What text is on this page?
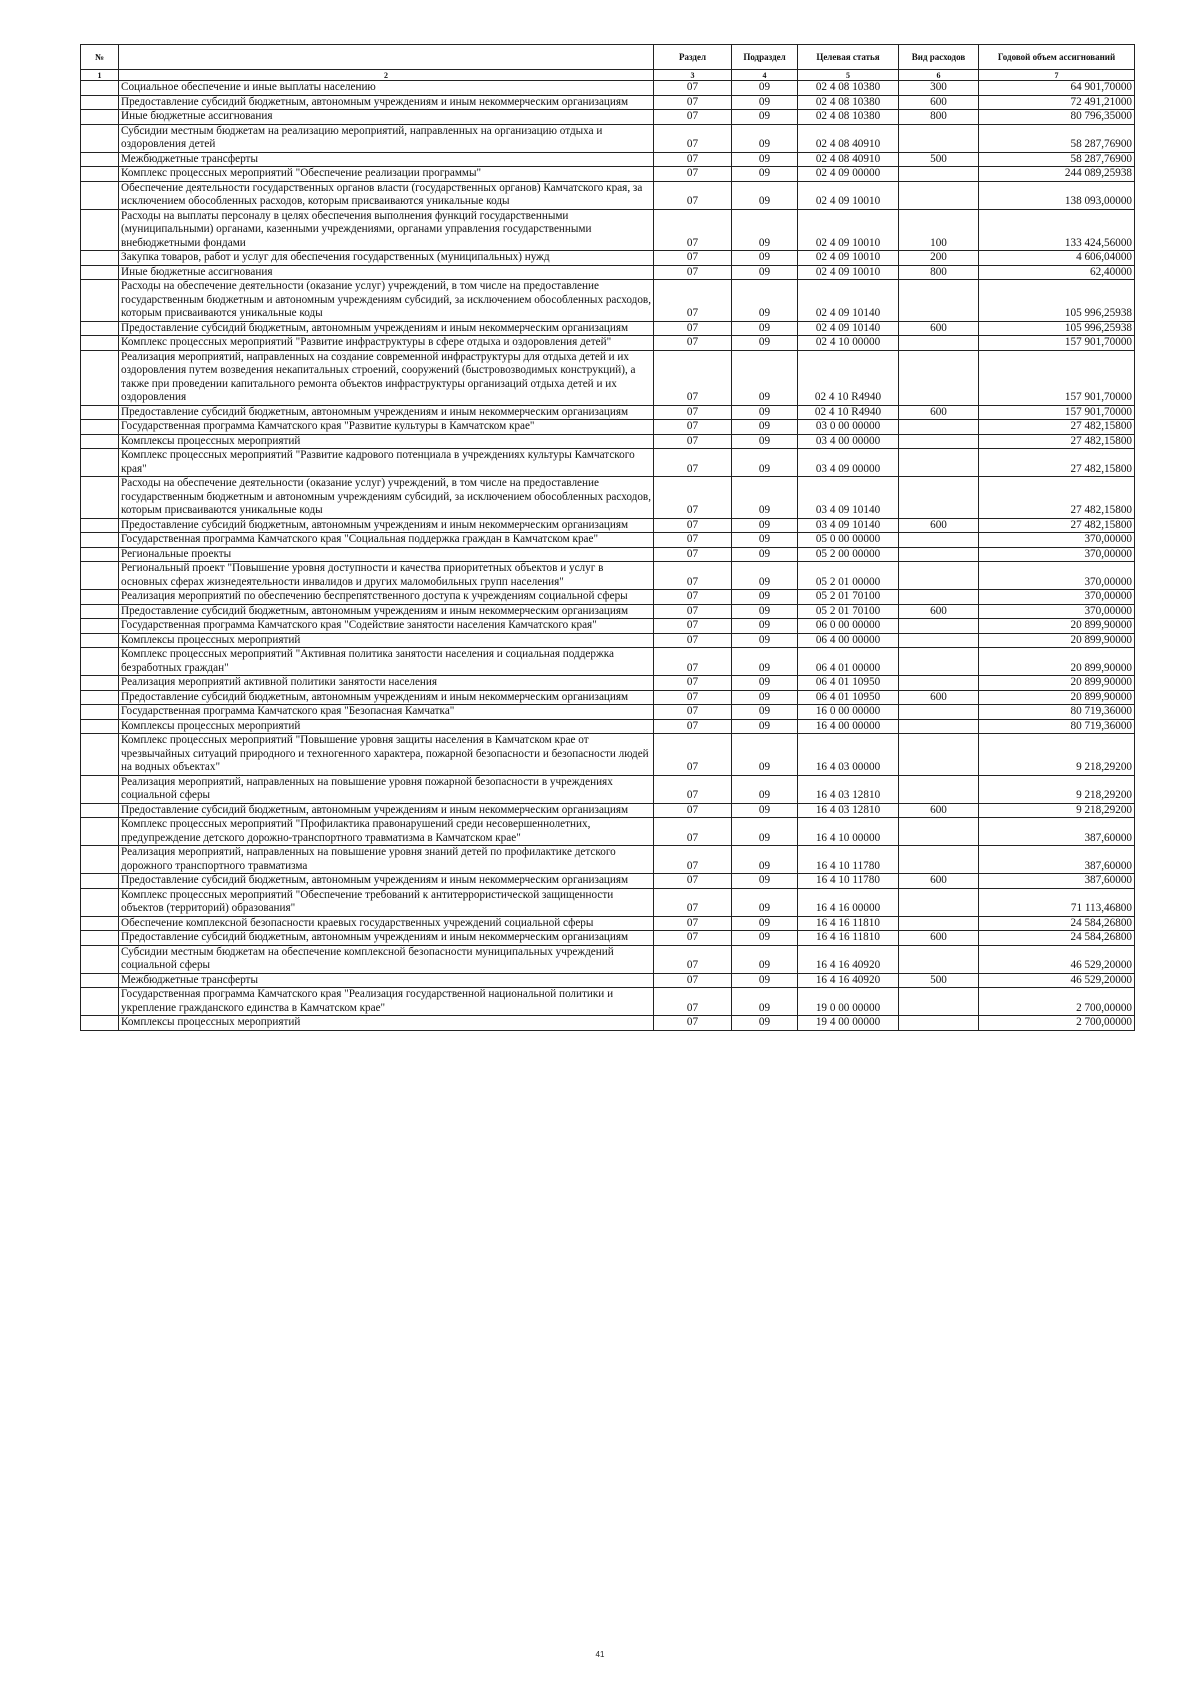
№		Раздел	Подраздел	Целевая статья	Вид расходов	Годовой объем ассигнований
1	2	3	4	5	6	7
	Социальное обеспечение и иные выплаты населению	07	09	02 4 08 10380	300	64 901,70000
	Предоставление субсидий бюджетным, автономным учреждениям и иным некоммерческим организациям	07	09	02 4 08 10380	600	72 491,21000
	Иные бюджетные ассигнования	07	09	02 4 08 10380	800	80 796,35000
	Субсидии местным бюджетам на реализацию мероприятий, направленных на организацию отдыха и оздоровления детей	07	09	02 4 08 40910		58 287,76900
	Межбюджетные трансферты	07	09	02 4 08 40910	500	58 287,76900
	Комплекс процессных мероприятий "Обеспечение реализации программы"	07	09	02 4 09 00000		244 089,25938
	Обеспечение деятельности государственных органов власти (государственных органов) Камчатского края, за исключением обособленных расходов, которым присваиваются уникальные коды	07	09	02 4 09 10010		138 093,00000
	Расходы на выплаты персоналу в целях обеспечения выполнения функций государственными (муниципальными) органами, казенными учреждениями, органами управления государственными внебюджетными фондами	07	09	02 4 09 10010	100	133 424,56000
	Закупка товаров, работ и услуг для обеспечения государственных (муниципальных) нужд	07	09	02 4 09 10010	200	4 606,04000
	Иные бюджетные ассигнования	07	09	02 4 09 10010	800	62,40000
	Расходы на обеспечение деятельности (оказание услуг) учреждений, в том числе на предоставление государственным бюджетным и автономным учреждениям субсидий, за исключением обособленных расходов, которым присваиваются уникальные коды	07	09	02 4 09 10140		105 996,25938
	Предоставление субсидий бюджетным, автономным учреждениям и иным некоммерческим организациям	07	09	02 4 09 10140	600	105 996,25938
	Комплекс процессных мероприятий "Развитие инфраструктуры в сфере отдыха и оздоровления детей"	07	09	02 4 10 00000		157 901,70000
	Реализация мероприятий, направленных на создание современной инфраструктуры для отдыха детей и их оздоровления путем возведения некапитальных строений, сооружений (быстровозводимых конструкций), а также при проведении капитального ремонта объектов инфраструктуры организаций отдыха детей и их оздоровления	07	09	02 4 10 R4940		157 901,70000
	Предоставление субсидий бюджетным, автономным учреждениям и иным некоммерческим организациям	07	09	02 4 10 R4940	600	157 901,70000
	Государственная программа Камчатского края "Развитие культуры в Камчатском крае"	07	09	03 0 00 00000		27 482,15800
	Комплексы процессных мероприятий	07	09	03 4 00 00000		27 482,15800
	Комплекс процессных мероприятий "Развитие кадрового потенциала в учреждениях культуры Камчатского края"	07	09	03 4 09 00000		27 482,15800
	Расходы на обеспечение деятельности (оказание услуг) учреждений, в том числе на предоставление государственным бюджетным и автономным учреждениям субсидий, за исключением обособленных расходов, которым присваиваются уникальные коды	07	09	03 4 09 10140		27 482,15800
	Предоставление субсидий бюджетным, автономным учреждениям и иным некоммерческим организациям	07	09	03 4 09 10140	600	27 482,15800
	Государственная программа Камчатского края "Социальная поддержка граждан в Камчатском крае"	07	09	05 0 00 00000		370,00000
	Региональные проекты	07	09	05 2 00 00000		370,00000
	Региональный проект "Повышение уровня доступности и качества приоритетных объектов и услуг в основных сферах жизнедеятельности инвалидов и других маломобильных групп населения"	07	09	05 2 01 00000		370,00000
	Реализация мероприятий по обеспечению беспрепятственного доступа к учреждениям социальной сферы	07	09	05 2 01 70100		370,00000
	Предоставление субсидий бюджетным, автономным учреждениям и иным некоммерческим организациям	07	09	05 2 01 70100	600	370,00000
	Государственная программа Камчатского края "Содействие занятости населения Камчатского края"	07	09	06 0 00 00000		20 899,90000
	Комплексы процессных мероприятий	07	09	06 4 00 00000		20 899,90000
	Комплекс процессных мероприятий "Активная политика занятости населения и социальная поддержка безработных граждан"	07	09	06 4 01 00000		20 899,90000
	Реализация мероприятий активной политики занятости населения	07	09	06 4 01 10950		20 899,90000
	Предоставление субсидий бюджетным, автономным учреждениям и иным некоммерческим организациям	07	09	06 4 01 10950	600	20 899,90000
	Государственная программа Камчатского края "Безопасная Камчатка"	07	09	16 0 00 00000		80 719,36000
	Комплексы процессных мероприятий	07	09	16 4 00 00000		80 719,36000
	Комплекс процессных мероприятий "Повышение уровня защиты населения в Камчатском крае от чрезвычайных ситуаций природного и техногенного характера, пожарной безопасности и безопасности людей на водных объектах"	07	09	16 4 03 00000		9 218,29200
	Реализация мероприятий, направленных на повышение уровня пожарной безопасности в учреждениях социальной сферы	07	09	16 4 03 12810		9 218,29200
	Предоставление субсидий бюджетным, автономным учреждениям и иным некоммерческим организациям	07	09	16 4 03 12810	600	9 218,29200
	Комплекс процессных мероприятий "Профилактика правонарушений среди несовершеннолетних, предупреждение детского дорожно-транспортного травматизма в Камчатском крае"	07	09	16 4 10 00000		387,60000
	Реализация мероприятий, направленных на повышение уровня знаний детей по профилактике детского дорожного транспортного травматизма	07	09	16 4 10 11780		387,60000
	Предоставление субсидий бюджетным, автономным учреждениям и иным некоммерческим организациям	07	09	16 4 10 11780	600	387,60000
	Комплекс процессных мероприятий "Обеспечение требований к антитеррористической защищенности объектов (территорий) образования"	07	09	16 4 16 00000		71 113,46800
	Обеспечение комплексной безопасности краевых государственных учреждений социальной сферы	07	09	16 4 16 11810		24 584,26800
	Предоставление субсидий бюджетным, автономным учреждениям и иным некоммерческим организациям	07	09	16 4 16 11810	600	24 584,26800
	Субсидии местным бюджетам на обеспечение комплексной безопасности муниципальных учреждений социальной сферы	07	09	16 4 16 40920		46 529,20000
	Межбюджетные трансферты	07	09	16 4 16 40920	500	46 529,20000
	Государственная программа Камчатского края "Реализация государственной национальной политики и укрепление гражданского единства в Камчатском крае"	07	09	19 0 00 00000		2 700,00000
	Комплексы процессных мероприятий	07	09	19 4 00 00000		2 700,00000
41
